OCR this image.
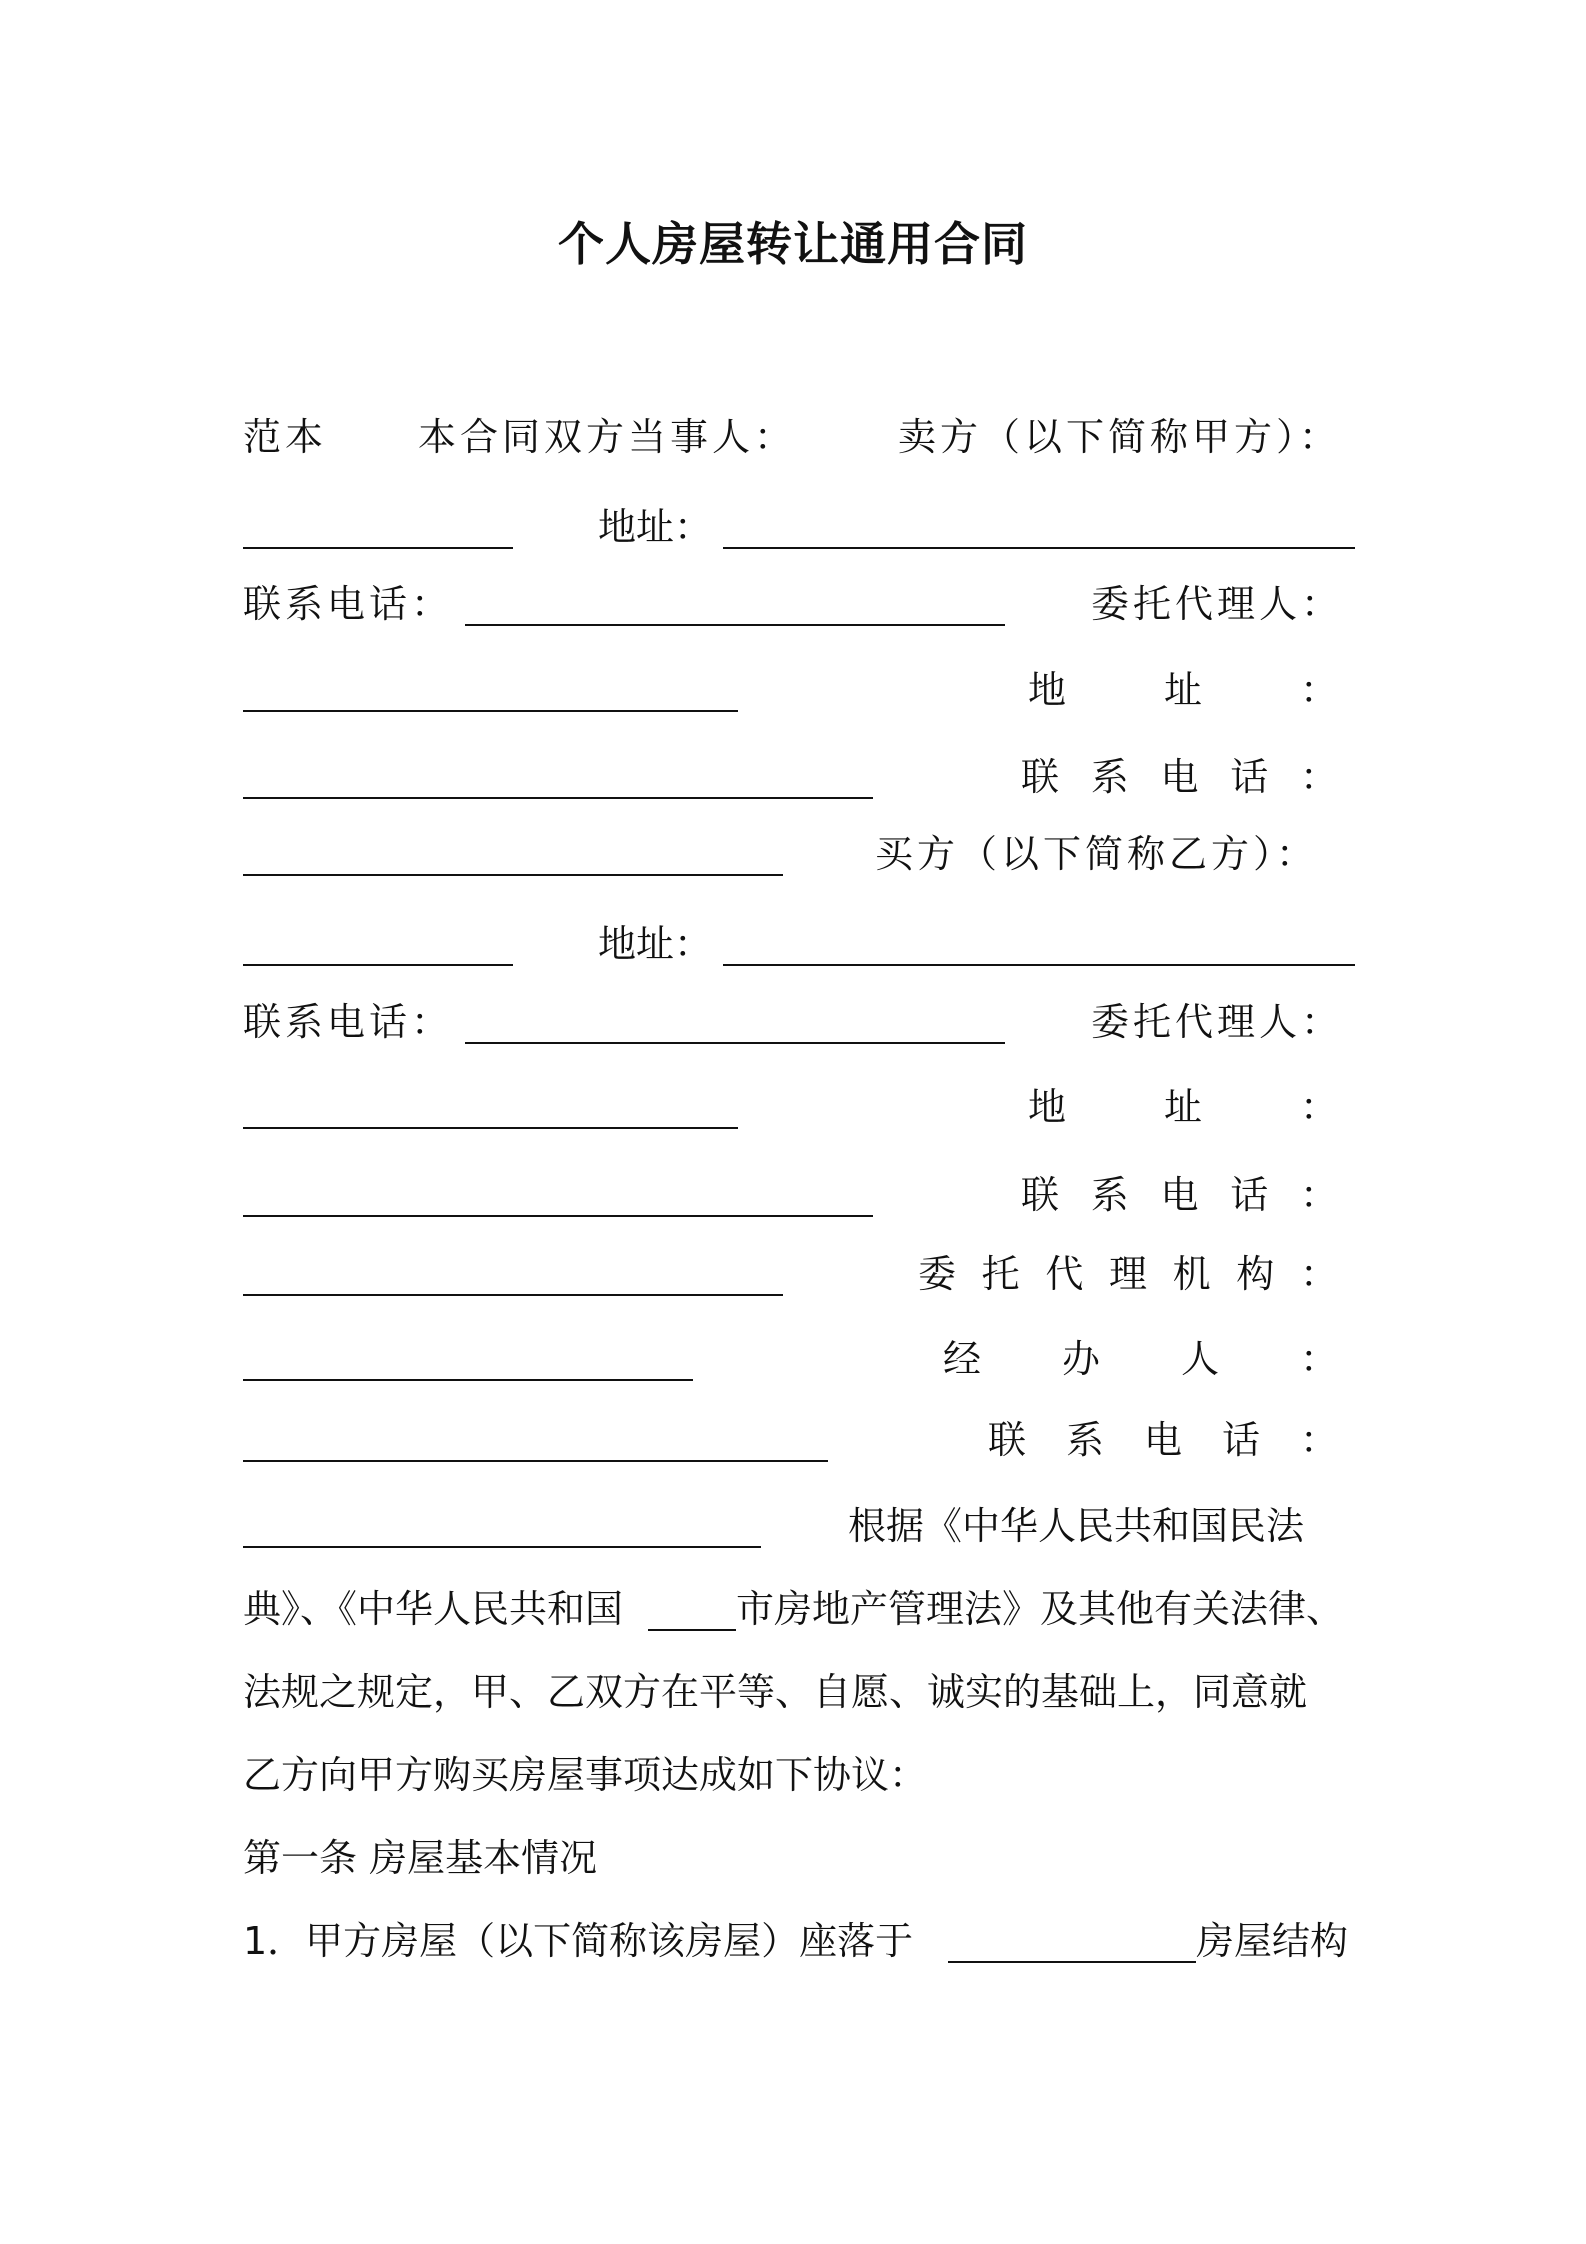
个人房屋转让通用合同
范本 本合同双方当事人：	卖方（以下简称甲方）：
地址：
联系电话：	委托代理人：
地	址	：
联 系 电 话 ：
买方（以下简称乙方）：
地址：
联系电话：	委托代理人：
地	址	：
联 系 电 话 ：
委 托 代 理 机 构 ：
经 办 人 ：
联 系 电 话 ：
根据《中华人民共和国民法
典》、《中华人民共和国	市房地产管理法》及其他有关法律、
法规之规定，甲、乙双方在平等、自愿、诚实的基础上，同意就
乙方向甲方购买房屋事项达成如下协议：
第一条 房屋基本情况
1．甲方房屋（以下简称该房屋）座落于	房屋结构
